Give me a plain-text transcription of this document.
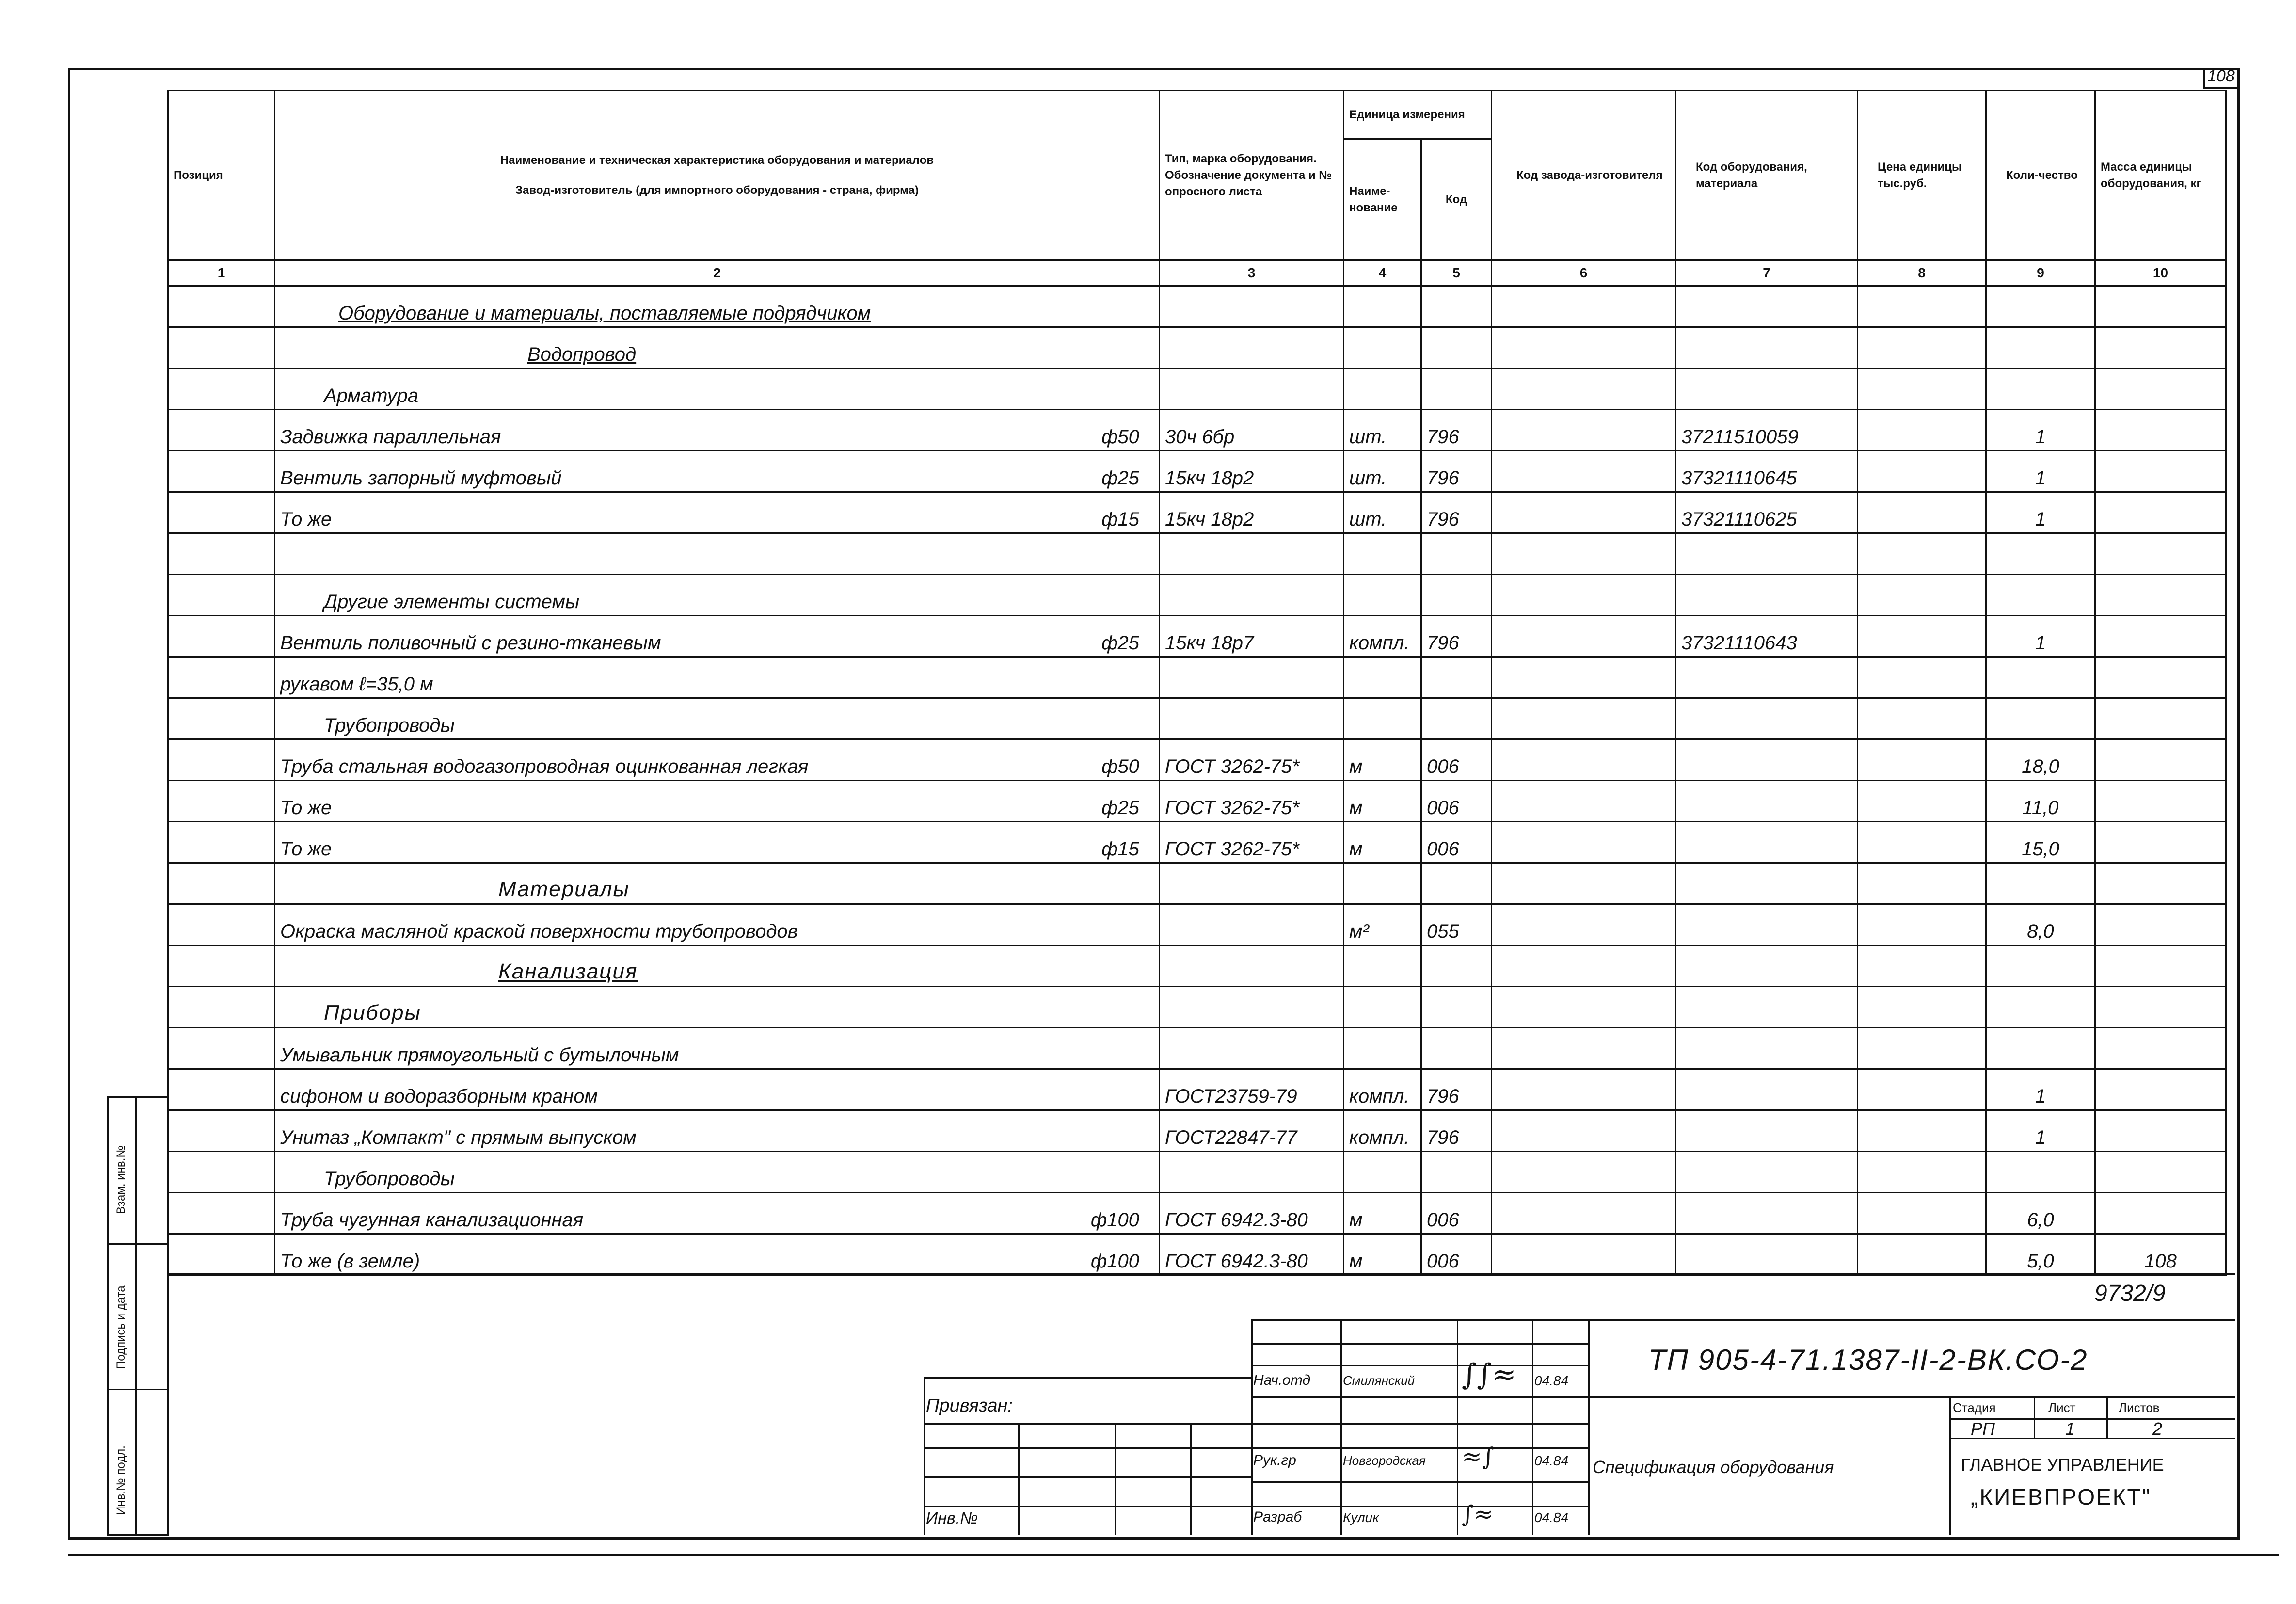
108
Позиция	Наименование и техническая характеристика оборудования и материалов
Завод-изготовитель (для импортного оборудования - страна, фирма)	Тип, марка оборудования. Обозначение документа и № опросного листа	Единица измерения		Код завода-изготовителя	Код оборудования, материала	Цена единицы тыс.руб.	Коли-чество	Масса единицы оборудования, кг
			Наиме-нование	Код					
1	2	3	4	5	6	7	8	9	10
	Оборудование и материалы, поставляемые подрядчиком

	Водопровод

	Арматура

	Задвижка параллельная ф50	30ч 6бр	шт.	796		37211510059		1	
	Вентиль запорный муфтовый ф25	15кч 18р2	шт.	796		37321110645		1	
	То же ф15	15кч 18р2	шт.	796		37321110625		1	

	Другие элементы системы

	Вентиль поливочный с резино-тканевым ф25	15кч 18р7	компл.	796		37321110643		1	
	рукавом ℓ=35,0 м

	Трубопроводы

	Труба стальная водогазопроводная оцинкованная легкая ф50	ГОСТ 3262-75*	м	006				18,0	
	То же ф25	ГОСТ 3262-75*	м	006				11,0	
	То же ф15	ГОСТ 3262-75*	м	006				15,0	
	Материалы

	Окраска масляной краской поверхности трубопроводов		м²	055				8,0	
	Канализация

	Приборы

	Умывальник прямоугольный с бутылочным

	сифоном и водоразборным краном	ГОСТ23759-79	компл.	796				1	
	Унитаз „Компакт" с прямым выпуском	ГОСТ22847-77	компл.	796				1	
	Трубопроводы

	Труба чугунная канализационная ф100	ГОСТ 6942.3-80	м	006				6,0	
	То же (в земле) ф100	ГОСТ 6942.3-80	м	006				5,0	108
Взам. инв.№
Подпись и дата
Инв.№ подл.
9732/9
Привязан:
Инв.№
Нач.отд	Смилянский ∫∫≈ 04.84
Рук.гр	Новгородская ≈∫	04.84
Разраб	Кулик	∫≈	04.84
ТП 905-4-71.1387-II-2-ВК.СО-2
Спецификация оборудования
Стадия	Лист	Листов
РП	1	2
ГЛАВНОЕ УПРАВЛЕНИЕ
„КИЕВПРОЕКТ"
